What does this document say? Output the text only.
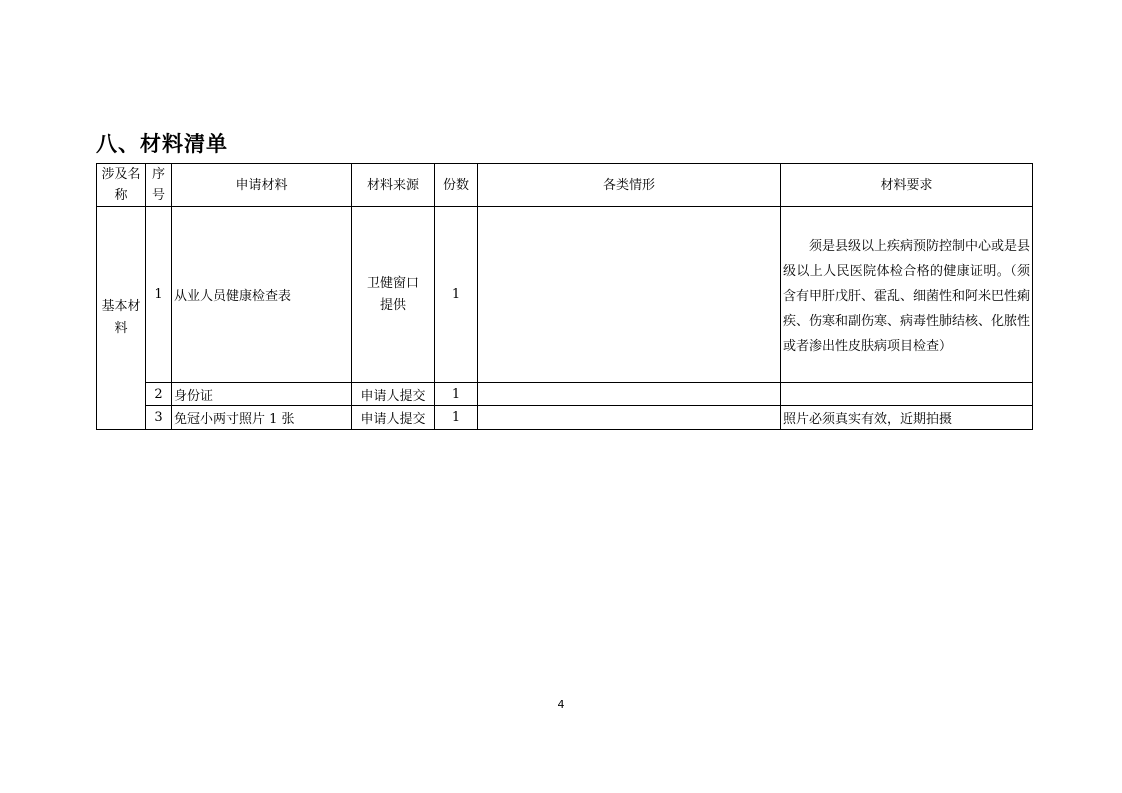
八、材料清单
涉及名称	序号	申请材料	材料来源	份数	各类情形	材料要求
基本材料	1	从业人员健康检查表	卫健窗口提供	1		须是县级以上疾病预防控制中心或是县级以上人民医院体检合格的健康证明。（须含有甲肝戊肝、霍乱、细菌性和阿米巴性痢疾、伤寒和副伤寒、病毒性肺结核、化脓性或者渗出性皮肤病项目检查）
	2	身份证	申请人提交	1		
	3	免冠小两寸照片 1 张	申请人提交	1		照片必须真实有效，近期拍摄
4
